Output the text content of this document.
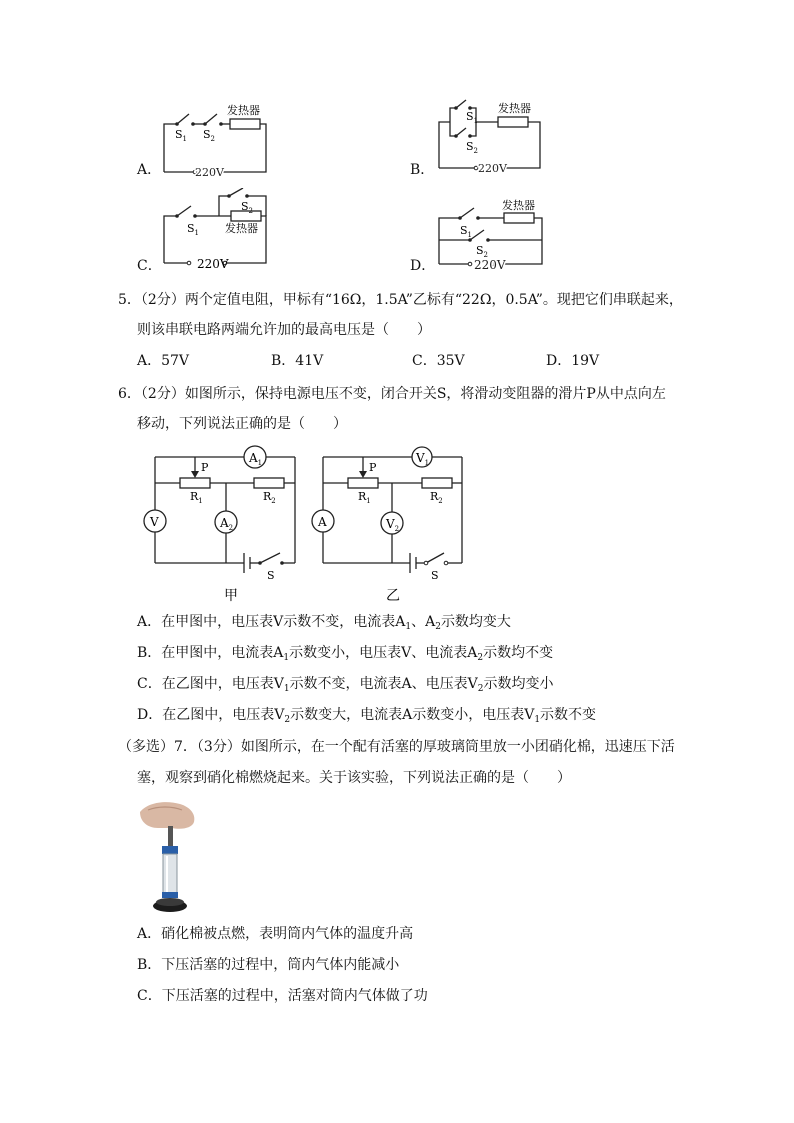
A．
发热器
$S_1$ $S_2$
220V	B．
发热器
$S_1$
$S_2$
220V
C．
发热器
$S_1$
$S_2$
220V	D．
发热器
$S_1$
$S_2$
220V
5．（2分）两个定值电阻，甲标有“16Ω，1.5A”乙标有“22Ω，0.5A”。现把它们串联起来，
则该串联电路两端允许加的最高电压是（　　）
A．57V	B．41V	C．35V	D．19V
6．（2分）如图所示，保持电源电压不变，闭合开关S，将滑动变阻器的滑片P从中点向左
移动，下列说法正确的是（　　）
$A_1$
V	$A_2$
P
$R_1$	$R_2$
S
甲
$V_1$
A	$V_2$
P
$R_1$	$R_2$
S
乙
A．在甲图中，电压表V示数不变，电流表$A_1$、$A_2$示数均变大
B．在甲图中，电流表$A_1$示数变小，电压表V、电流表$A_2$示数均不变
C．在乙图中，电压表$V_1$示数不变，电流表A、电压表$V_2$示数均变小
D．在乙图中，电压表$V_2$示数变大，电流表A示数变小，电压表$V_1$示数不变
（多选）7．（3分）如图所示，在一个配有活塞的厚玻璃筒里放一小团硝化棉，迅速压下活
塞，观察到硝化棉燃烧起来。关于该实验，下列说法正确的是（　　）
A．硝化棉被点燃，表明筒内气体的温度升高
B．下压活塞的过程中，筒内气体内能减小
C．下压活塞的过程中，活塞对筒内气体做了功
